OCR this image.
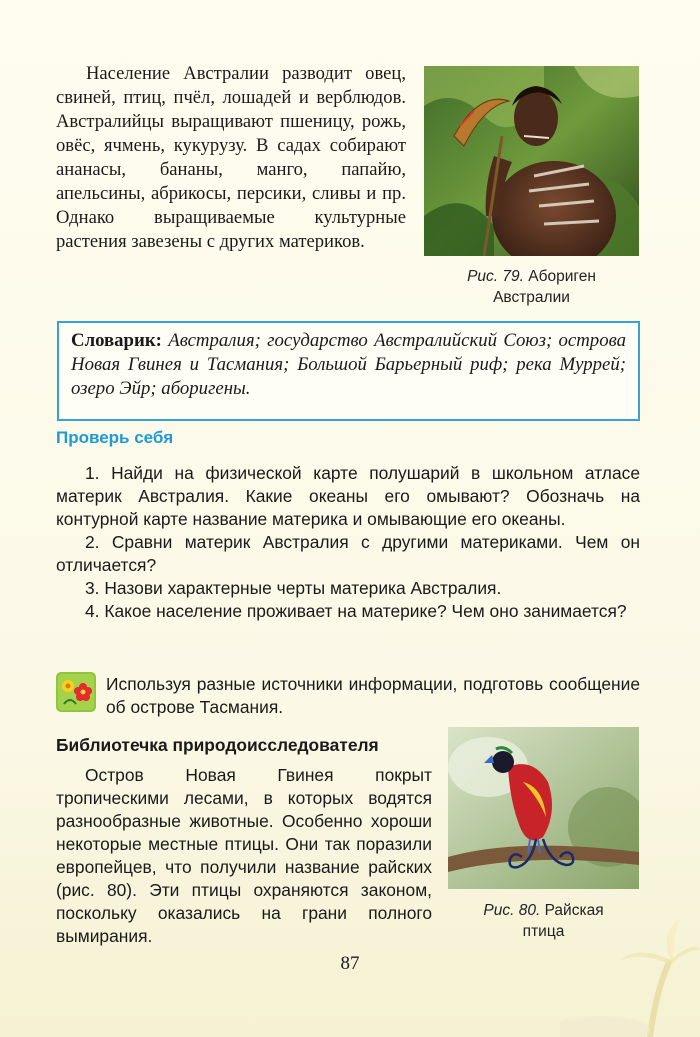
Население Австралии разводит овец, свиней, птиц, пчёл, лошадей и верблюдов. Австралийцы выращивают пшеницу, рожь, овёс, ячмень, кукурузу. В садах собирают ананасы, бананы, манго, папайю, апельсины, абрикосы, персики, сливы и пр. Однако выращиваемые культурные растения завезены с других материков.

Рис. 79. Абориген
Австралии
Словарик: Австралия; государство Австралийский Союз; острова Новая Гвинея и Тасмания; Большой Барьерный риф; река Муррей; озеро Эйр; аборигены.
Проверь себя

1. Найди на физической карте полушарий в школьном атласе материк Австралия. Какие океаны его омывают? Обозначь на контурной карте название материка и омывающие его океаны.

2. Сравни материк Австралия с другими материками. Чем он отличается?

3. Назови характерные черты материка Австралия.

4. Какое население проживает на материке? Чем оно занимается?

Используя разные источники информации, подготовь сообщение об острове Тасмания.
Библиотечка природоисследователя

Остров Новая Гвинея покрыт тропическими лесами, в которых водятся разнообразные животные. Особенно хороши некоторые местные птицы. Они так поразили европейцев, что получили название райских (рис. 80). Эти птицы охраняются законом, поскольку оказались на грани полного вымирания.

Рис. 80. Райская
птица
87
